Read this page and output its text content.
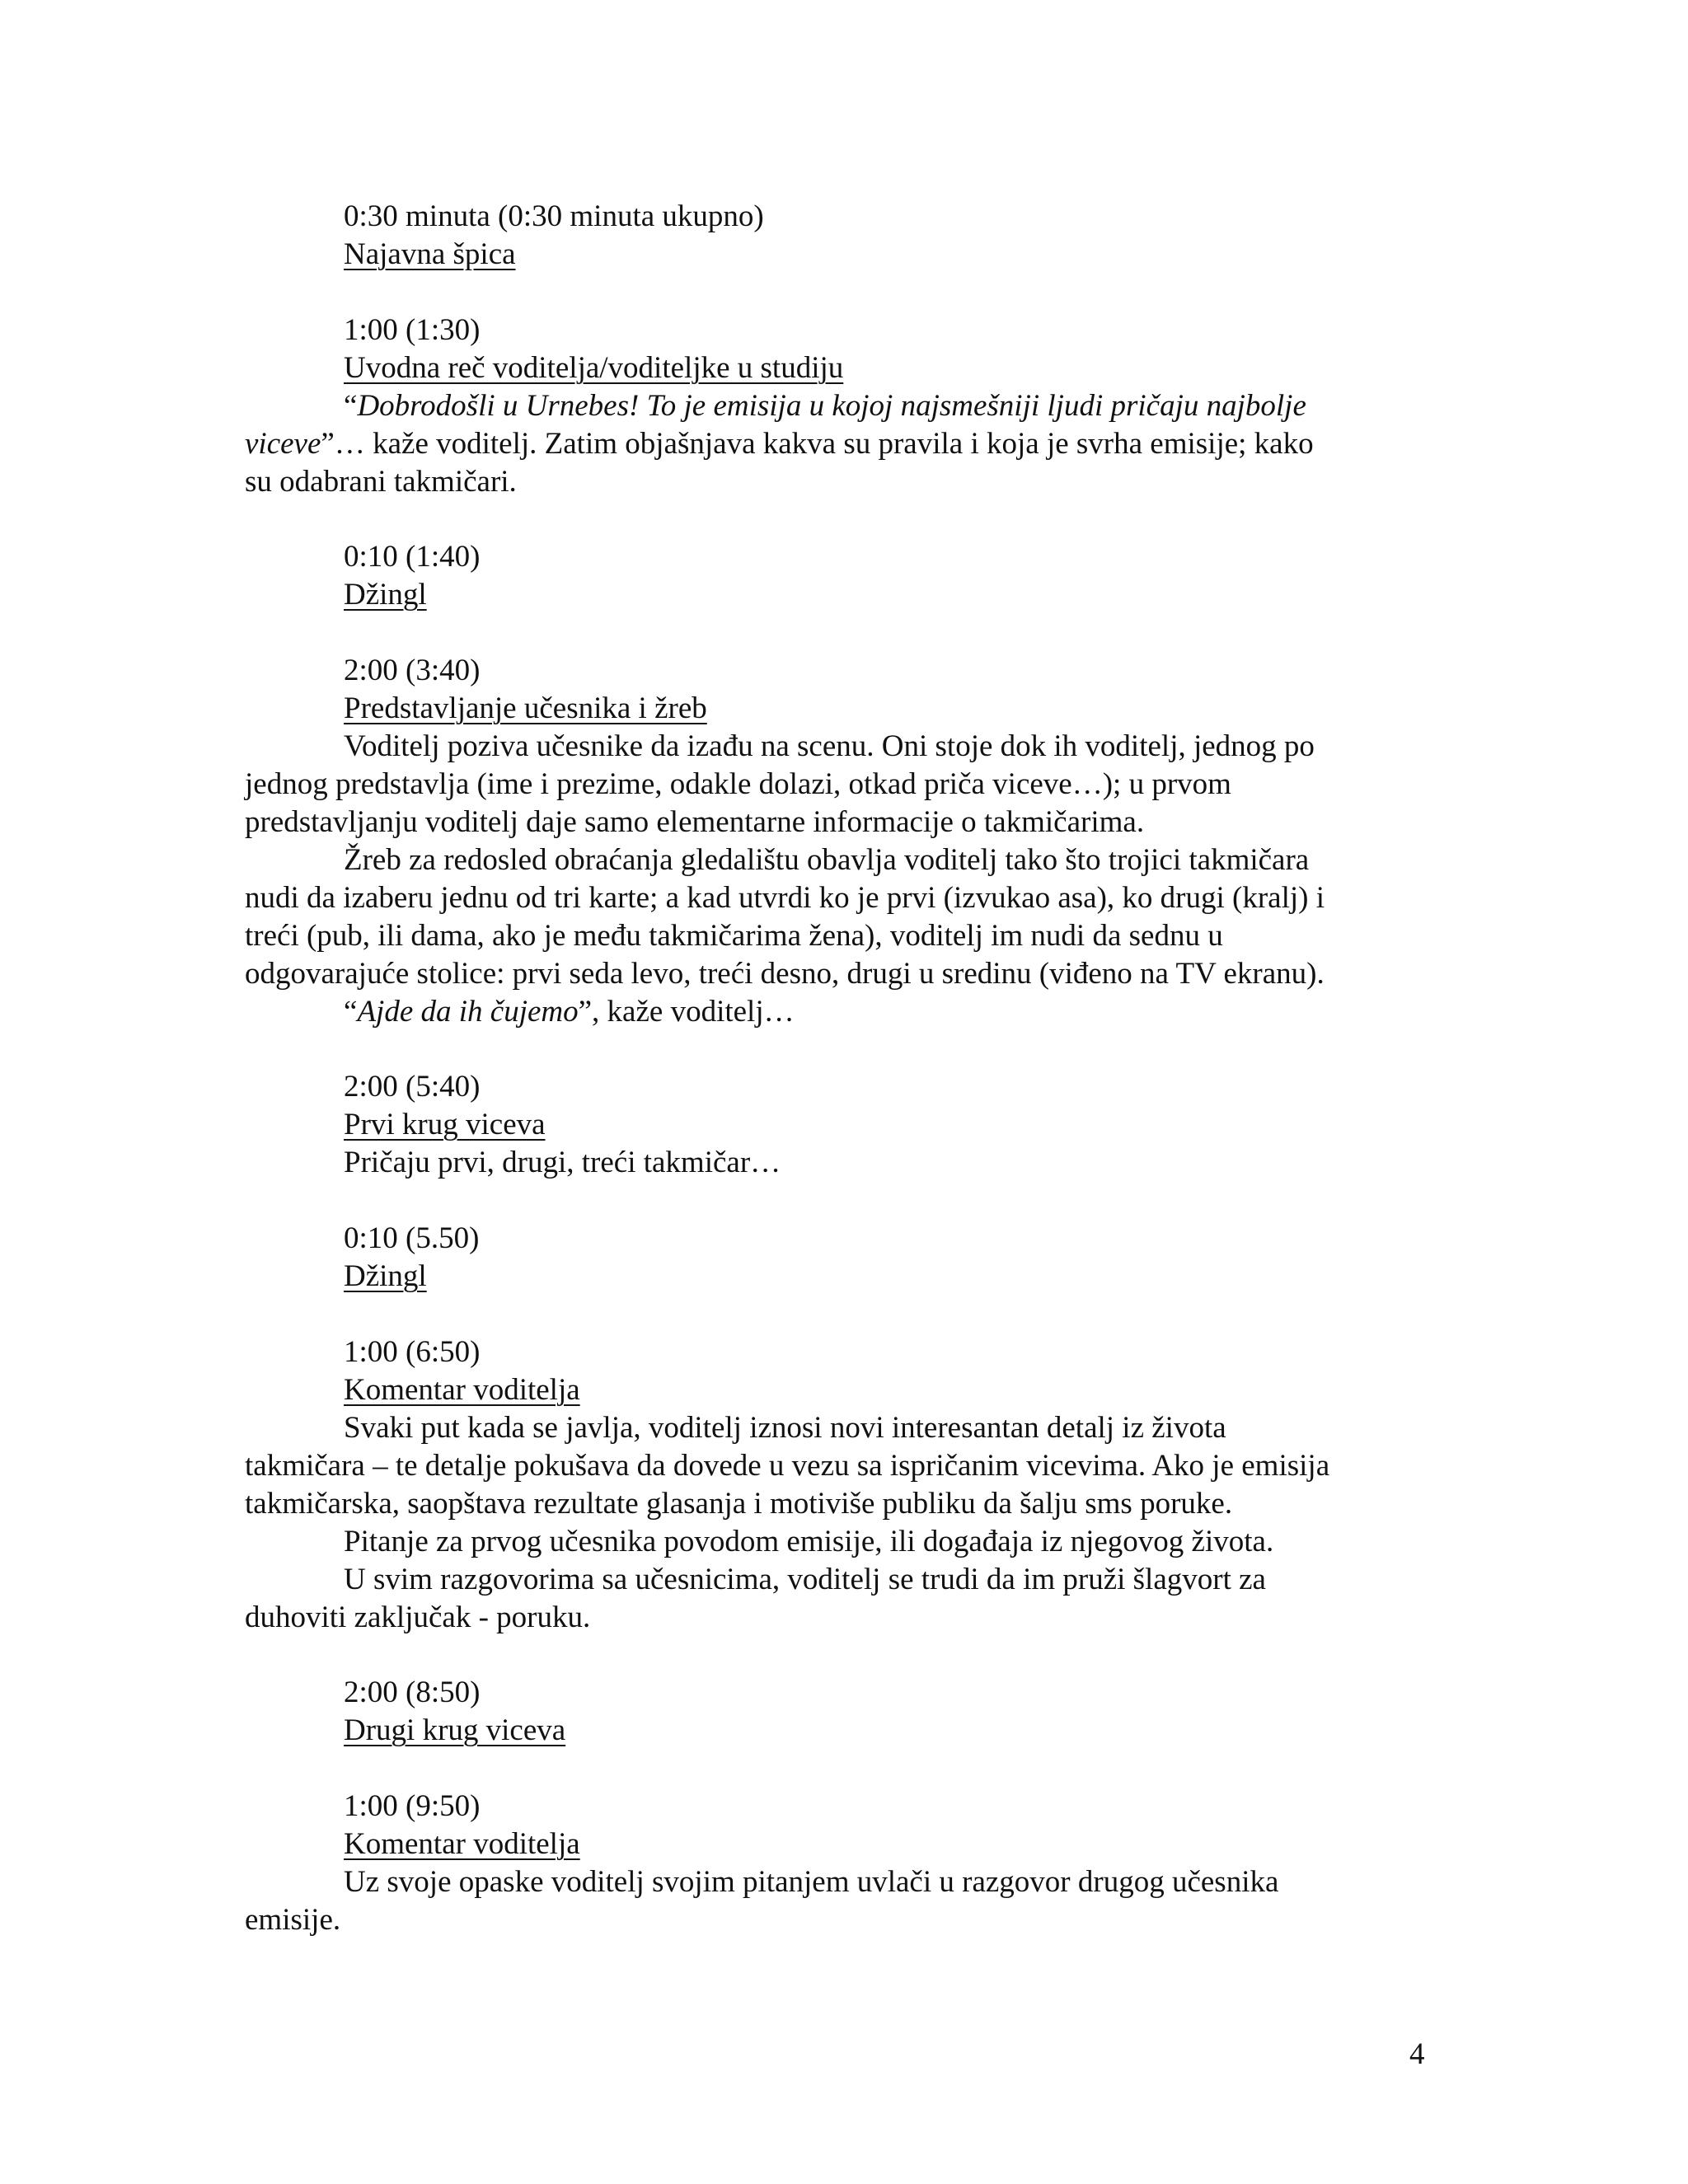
0:30 minuta (0:30 minuta ukupno)
Najavna špica
1:00 (1:30)
Uvodna reč voditelja/voditeljke u studiju
“Dobrodošli u Urnebes! To je emisija u kojoj najsmešniji ljudi pričaju najbolje
viceve”… kaže voditelj. Zatim objašnjava kakva su pravila i koja je svrha emisije; kako
su odabrani takmičari.
0:10 (1:40)
Džingl
2:00 (3:40)
Predstavljanje učesnika i žreb
Voditelj poziva učesnike da izađu na scenu. Oni stoje dok ih voditelj, jednog po
jednog predstavlja (ime i prezime, odakle dolazi, otkad priča viceve…); u prvom
predstavljanju voditelj daje samo elementarne informacije o takmičarima.
Žreb za redosled obraćanja gledalištu obavlja voditelj tako što trojici takmičara
nudi da izaberu jednu od tri karte; a kad utvrdi ko je prvi (izvukao asa), ko drugi (kralj) i
treći (pub, ili dama, ako je među takmičarima žena), voditelj im nudi da sednu u
odgovarajuće stolice: prvi seda levo, treći desno, drugi u sredinu (viđeno na TV ekranu).
“Ajde da ih čujemo”, kaže voditelj…
2:00 (5:40)
Prvi krug viceva
Pričaju prvi, drugi, treći takmičar…
0:10 (5.50)
Džingl
1:00 (6:50)
Komentar voditelja
Svaki put kada se javlja, voditelj iznosi novi interesantan detalj iz života
takmičara – te detalje pokušava da dovede u vezu sa ispričanim vicevima. Ako je emisija
takmičarska, saopštava rezultate glasanja i motiviše publiku da šalju sms poruke.
Pitanje za prvog učesnika povodom emisije, ili događaja iz njegovog života.
U svim razgovorima sa učesnicima, voditelj se trudi da im pruži šlagvort za
duhoviti zaključak - poruku.
2:00 (8:50)
Drugi krug viceva
1:00 (9:50)
Komentar voditelja
Uz svoje opaske voditelj svojim pitanjem uvlači u razgovor drugog učesnika
emisije.
4
